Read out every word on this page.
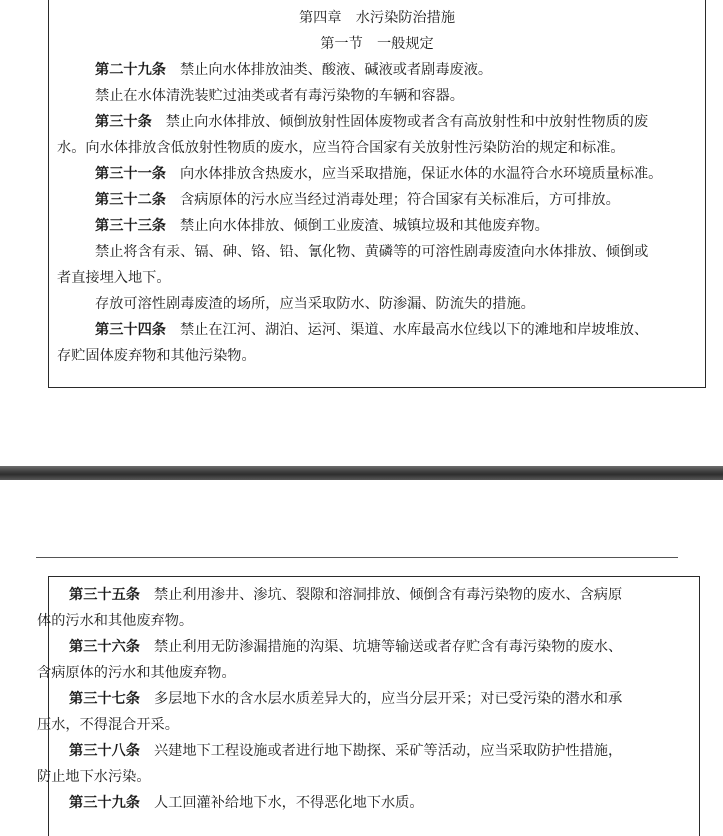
第四章　水污染防治措施
第一节　一般规定
第二十九条 禁止向水体排放油类、酸液、碱液或者剧毒废液。
禁止在水体清洗装贮过油类或者有毒污染物的车辆和容器。
第三十条 禁止向水体排放、倾倒放射性固体废物或者含有高放射性和中放射性物质的废
水。向水体排放含低放射性物质的废水，应当符合国家有关放射性污染防治的规定和标准。
第三十一条 向水体排放含热废水，应当采取措施，保证水体的水温符合水环境质量标准。
第三十二条 含病原体的污水应当经过消毒处理；符合国家有关标准后，方可排放。
第三十三条 禁止向水体排放、倾倒工业废渣、城镇垃圾和其他废弃物。
禁止将含有汞、镉、砷、铬、铅、氰化物、黄磷等的可溶性剧毒废渣向水体排放、倾倒或
者直接埋入地下。
存放可溶性剧毒废渣的场所，应当采取防水、防渗漏、防流失的措施。
第三十四条 禁止在江河、湖泊、运河、渠道、水库最高水位线以下的滩地和岸坡堆放、
存贮固体废弃物和其他污染物。
第三十五条 禁止利用渗井、渗坑、裂隙和溶洞排放、倾倒含有毒污染物的废水、含病原
体的污水和其他废弃物。
第三十六条 禁止利用无防渗漏措施的沟渠、坑塘等输送或者存贮含有毒污染物的废水、
含病原体的污水和其他废弃物。
第三十七条 多层地下水的含水层水质差异大的，应当分层开采；对已受污染的潜水和承
压水，不得混合开采。
第三十八条 兴建地下工程设施或者进行地下勘探、采矿等活动，应当采取防护性措施，
防止地下水污染。
第三十九条 人工回灌补给地下水，不得恶化地下水质。
